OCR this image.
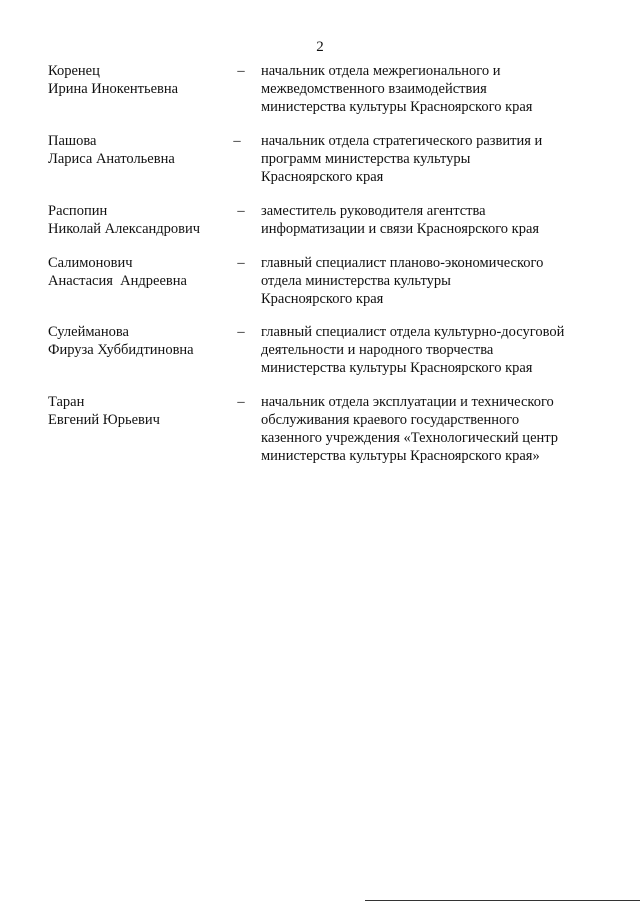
2
Коренец
Ирина Инокентьевна
– начальник отдела межрегионального и
межведомственного взаимодействия
министерства культуры Красноярского края
Пашова
Лариса Анатольевна
– начальник отдела стратегического развития и
программ министерства культуры
Красноярского края
Распопин
Николай Александрович
– заместитель руководителя агентства
информатизации и связи Красноярского края
Салимонович
Анастасия  Андреевна
– главный специалист планово-экономического
отдела министерства культуры
Красноярского края
Сулейманова
Фируза Хуббидтиновна
– главный специалист отдела культурно-досуговой
деятельности и народного творчества
министерства культуры Красноярского края
Таран
Евгений Юрьевич
– начальник отдела эксплуатации и технического
обслуживания краевого государственного
казенного учреждения «Технологический центр
министерства культуры Красноярского края»
